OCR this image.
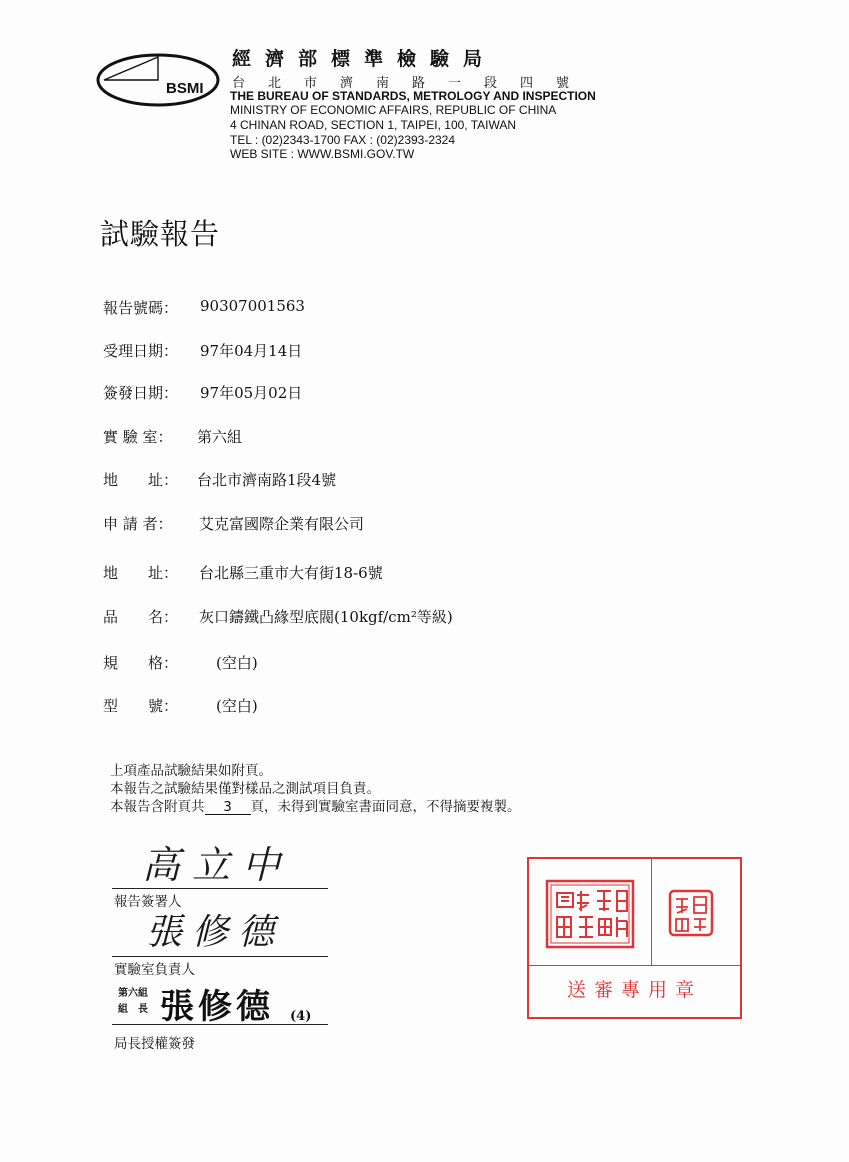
BSMI
經濟部標準檢驗局
台北市濟南路一段四號
THE BUREAU OF STANDARDS, METROLOGY AND INSPECTION
MINISTRY OF ECONOMIC AFFAIRS, REPUBLIC OF CHINA
4 CHINAN ROAD, SECTION 1, TAIPEI, 100, TAIWAN
TEL : (02)2343-1700 FAX : (02)2393-2324
WEB SITE : WWW.BSMI.GOV.TW
試驗報告
報告號碼：	90307001563
受理日期：	97年04月14日
簽發日期：	97年05月02日
實 驗 室：	第六組
地　　址：	台北市濟南路1段4號
申 請 者：	艾克富國際企業有限公司
地　　址：	台北縣三重市大有街18-6號
品　　名：	灰口鑄鐵凸緣型底閥(10kgf/cm²等級)
規　　格：	(空白)
型　　號：	(空白)
上項產品試驗結果如附頁。
本報告之試驗結果僅對樣品之測試項目負責。
本報告含附頁共 3 頁，未得到實驗室書面同意，不得摘要複製。
高立中
報告簽署人
張修德
實驗室負責人
第六組
組　長 張修德 (4)
局長授權簽發
送審專用章
